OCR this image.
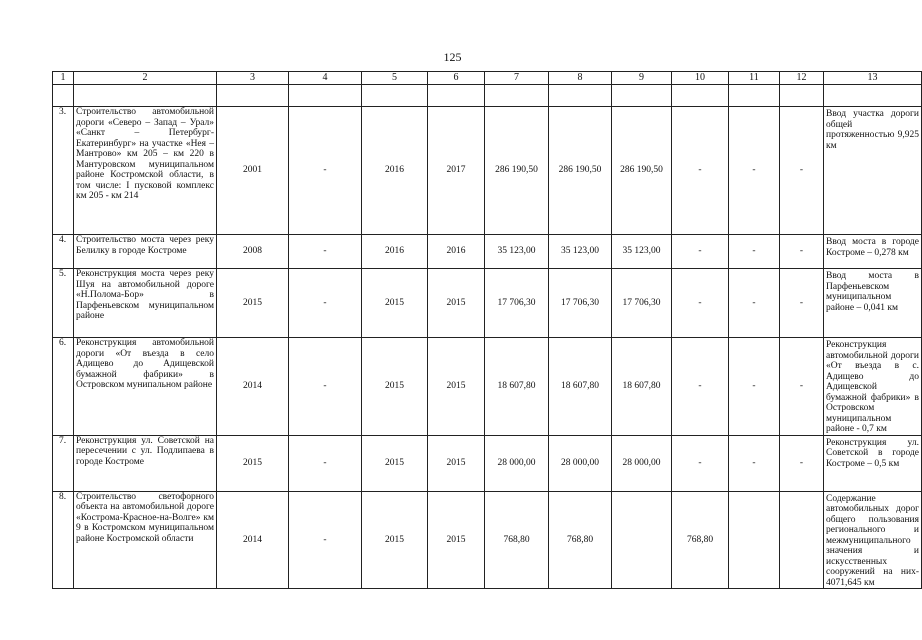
125
1	2	3	4	5	6	7	8	9	10	11	12	13

3.	Строительство автомобильной дороги «Северо – Запад – Урал» «Санкт – Петербург-Екатеринбург» на участке «Нея – Мантрово» км 205 – км 220 в Мантуровском муниципальном районе Костромской области, в том числе: I пусковой комплекс км 205 - км 214	2001	-	2016	2017	286 190,50	286 190,50	286 190,50	-	-	-	Ввод участка дороги общей протяженностью 9,925 км
4.	Строительство моста через реку Белилку в городе Костроме	2008	-	2016	2016	35 123,00	35 123,00	35 123,00	-	-	-	Ввод моста в городе Костроме – 0,278 км
5.	Реконструкция моста через реку Шуя на автомобильной дороге «Н.Полома-Бор» в Парфеньевском муниципальном районе	2015	-	2015	2015	17 706,30	17 706,30	17 706,30	-	-	-	Ввод моста в Парфеньевском муниципальном районе – 0,041 км
6.	Реконструкция автомобильной дороги «От въезда в село Адищево до Адищевской бумажной фабрики» в Островском мунипальном районе	2014	-	2015	2015	18 607,80	18 607,80	18 607,80	-	-	-	Реконструкция автомобильной дороги «От въезда в с. Адищево до Адищевской бумажной фабрики» в Островском муниципальном районе - 0,7 км
7.	Реконструкция ул. Советской на пересечении с ул. Подлипаева в городе Костроме	2015	-	2015	2015	28 000,00	28 000,00	28 000,00	-	-	-	Реконструкция ул. Советской в городе Костроме – 0,5 км
8.	Строительство светофорного объекта на автомобильной дороге «Кострома-Красное-на-Волге» км 9 в Костромском муниципальном районе Костромской области	2014	-	2015	2015	768,80	768,80		768,80			Содержание автомобильных дорог общего пользования регионального и межмуниципального значения и искусственных сооружений на них- 4071,645 км
